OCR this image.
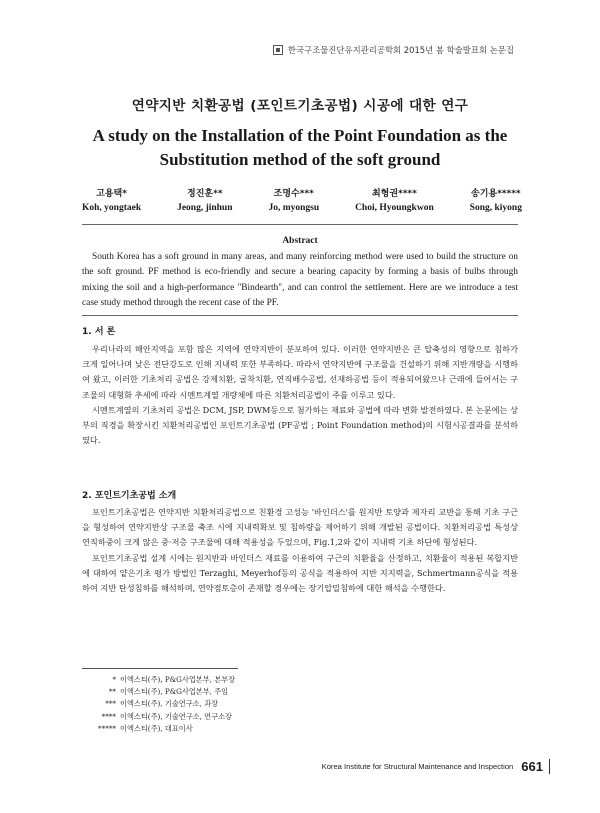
한국구조물진단유지관리공학회 2015년 봄 학술발표회 논문집
연약지반 치환공법 (포인트기초공법) 시공에 대한 연구
A study on the Installation of the Point Foundation as the Substitution method of the soft ground
고용택*
Koh, yongtaek
정진훈**
Jeong, jinhun
조명수***
Jo, myongsu
최형권****
Choi, Hyoungkwon
송기용*****
Song, kiyong
Abstract
South Korea has a soft ground in many areas, and many reinforcing method were used to build the structure on the soft ground. PF method is eco-friendly and secure a bearing capacity by forming a basis of bulbs through mixing the soil and a high-performance "Bindearth", and can control the settlement. Here are we introduce a test case study method through the recent case of the PF.
1. 서 론

우리나라의 해안지역을 포함 많은 지역에 연약지반이 분포하여 있다. 이러한 연약지반은 큰 압축성의 영향으로 침하가 크게 일어나며 낮은 전단강도로 인해 지내력 또한 부족하다. 따라서 연약지반에 구조물을 건설하기 위해 지반개량을 시행하여 왔고, 이러한 기초처리 공법은 강제치환, 굴착치환, 연직배수공법, 선재하공법 등이 적용되어왔으나 근래에 들어서는 구조물의 대형화 추세에 따라 시멘트계열 개량체에 따른 치환처리공법이 주를 이루고 있다.

시멘트계열의 기초처리 공법은 DCM, JSP, DWM등으로 첨가하는 재료와 공법에 따라 변화 발전하였다. 본 논문에는 상부의 직경을 확장시킨 치환처리공법인 포인트기초공법 (PF공법 ; Point Foundation method)의 시험시공결과를 분석하였다.

2. 포인트기초공법 소개

포인트기초공법은 연약지반 치환처리공법으로 친환경 고성능 '바인더스'를 원지반 토양과 제자리 교반을 통해 기초 구근을 형성하여 연약지반상 구조물 축조 시에 지내력확보 및 침하량을 제어하기 위해 개발된 공법이다. 치환처리공법 특성상 연직하중이 크게 않은 중·저층 구조물에 대해 적용성을 두었으며, Fig.1,2와 같이 지내력 기초 하단에 형성된다.

포인트기초공법 설계 시에는 원지반과 바인더스 재료를 이용하여 구근의 치환율을 산정하고, 치환율이 적용된 복합지반에 대하여 얕은기초 평가 방법인 Terzaghi, Meyerhof등의 공식을 적용하여 지반 지지력을, Schmertmann공식을 적용하여 지반 탄성침하를 해석하며, 연약점토층이 존재할 경우에는 장기압밀침하에 대한 해석을 수행한다.

* 이엑스티(주), P&G사업본부, 본부장
** 이엑스티(주), P&G사업본부, 주임
*** 이엑스티(주), 기술연구소, 과장
**** 이엑스티(주), 기술연구소, 연구소장
***** 이엑스티(주), 대표이사
Korea Institute for Structural Maintenance and Inspection 661
